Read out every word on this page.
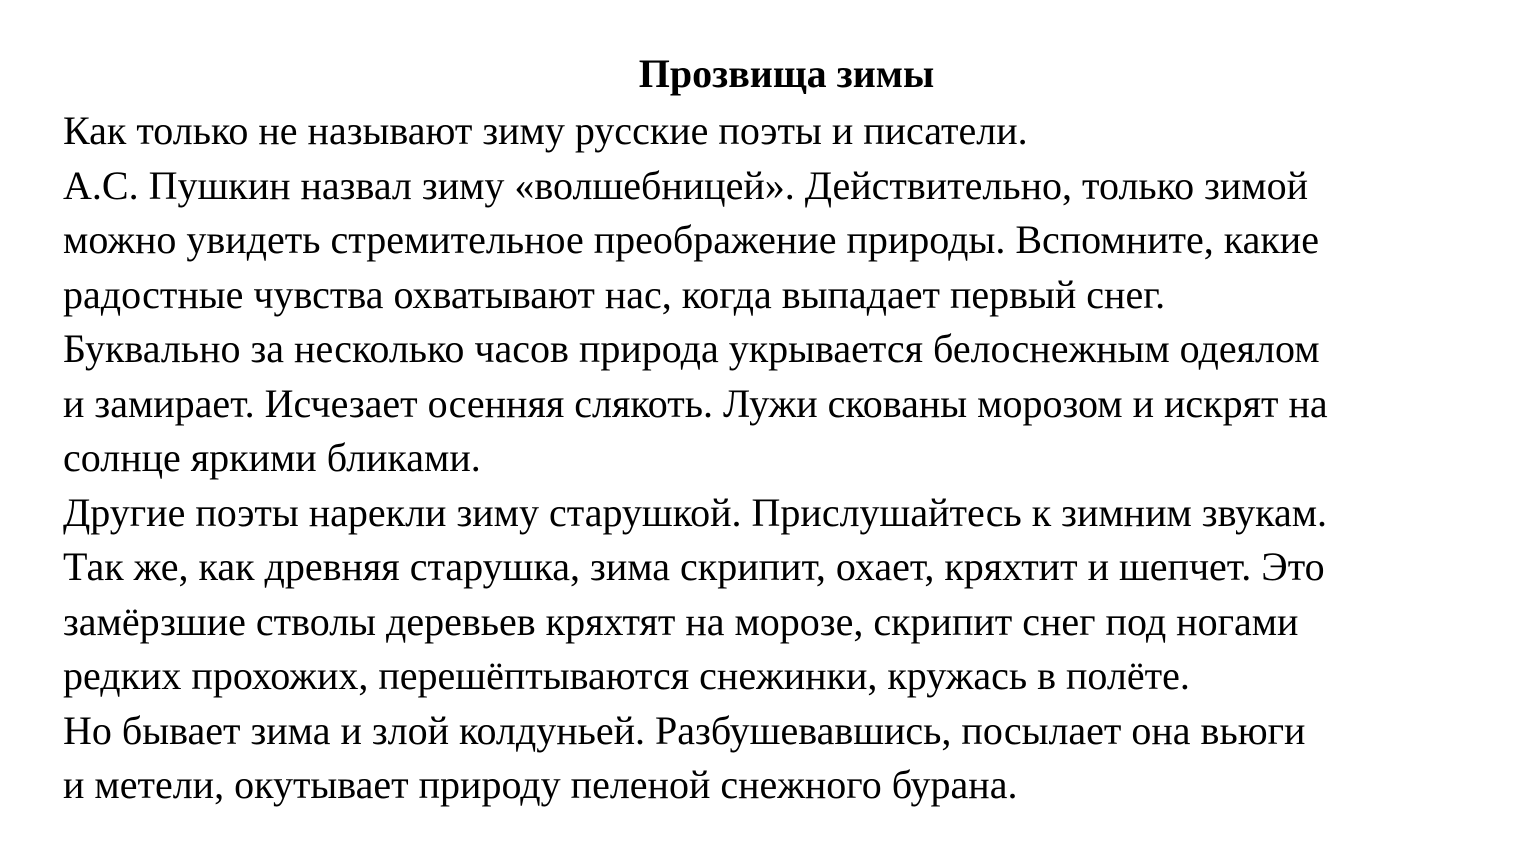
Прозвища зимы
Как только не называют зиму русские поэты и писатели.
А.С. Пушкин назвал зиму «волшебницей». Действительно, только зимой
можно увидеть стремительное преображение природы. Вспомните, какие
радостные чувства охватывают нас, когда выпадает первый снег.
Буквально за несколько часов природа укрывается белоснежным одеялом
и замирает. Исчезает осенняя слякоть. Лужи скованы морозом и искрят на
солнце яркими бликами.
Другие поэты нарекли зиму старушкой. Прислушайтесь к зимним звукам.
Так же, как древняя старушка, зима скрипит, охает, кряхтит и шепчет. Это
замёрзшие стволы деревьев кряхтят на морозе, скрипит снег под ногами
редких прохожих, перешёптываются снежинки, кружась в полёте.
Но бывает зима и злой колдуньей. Разбушевавшись, посылает она вьюги
и метели, окутывает природу пеленой снежного бурана.
